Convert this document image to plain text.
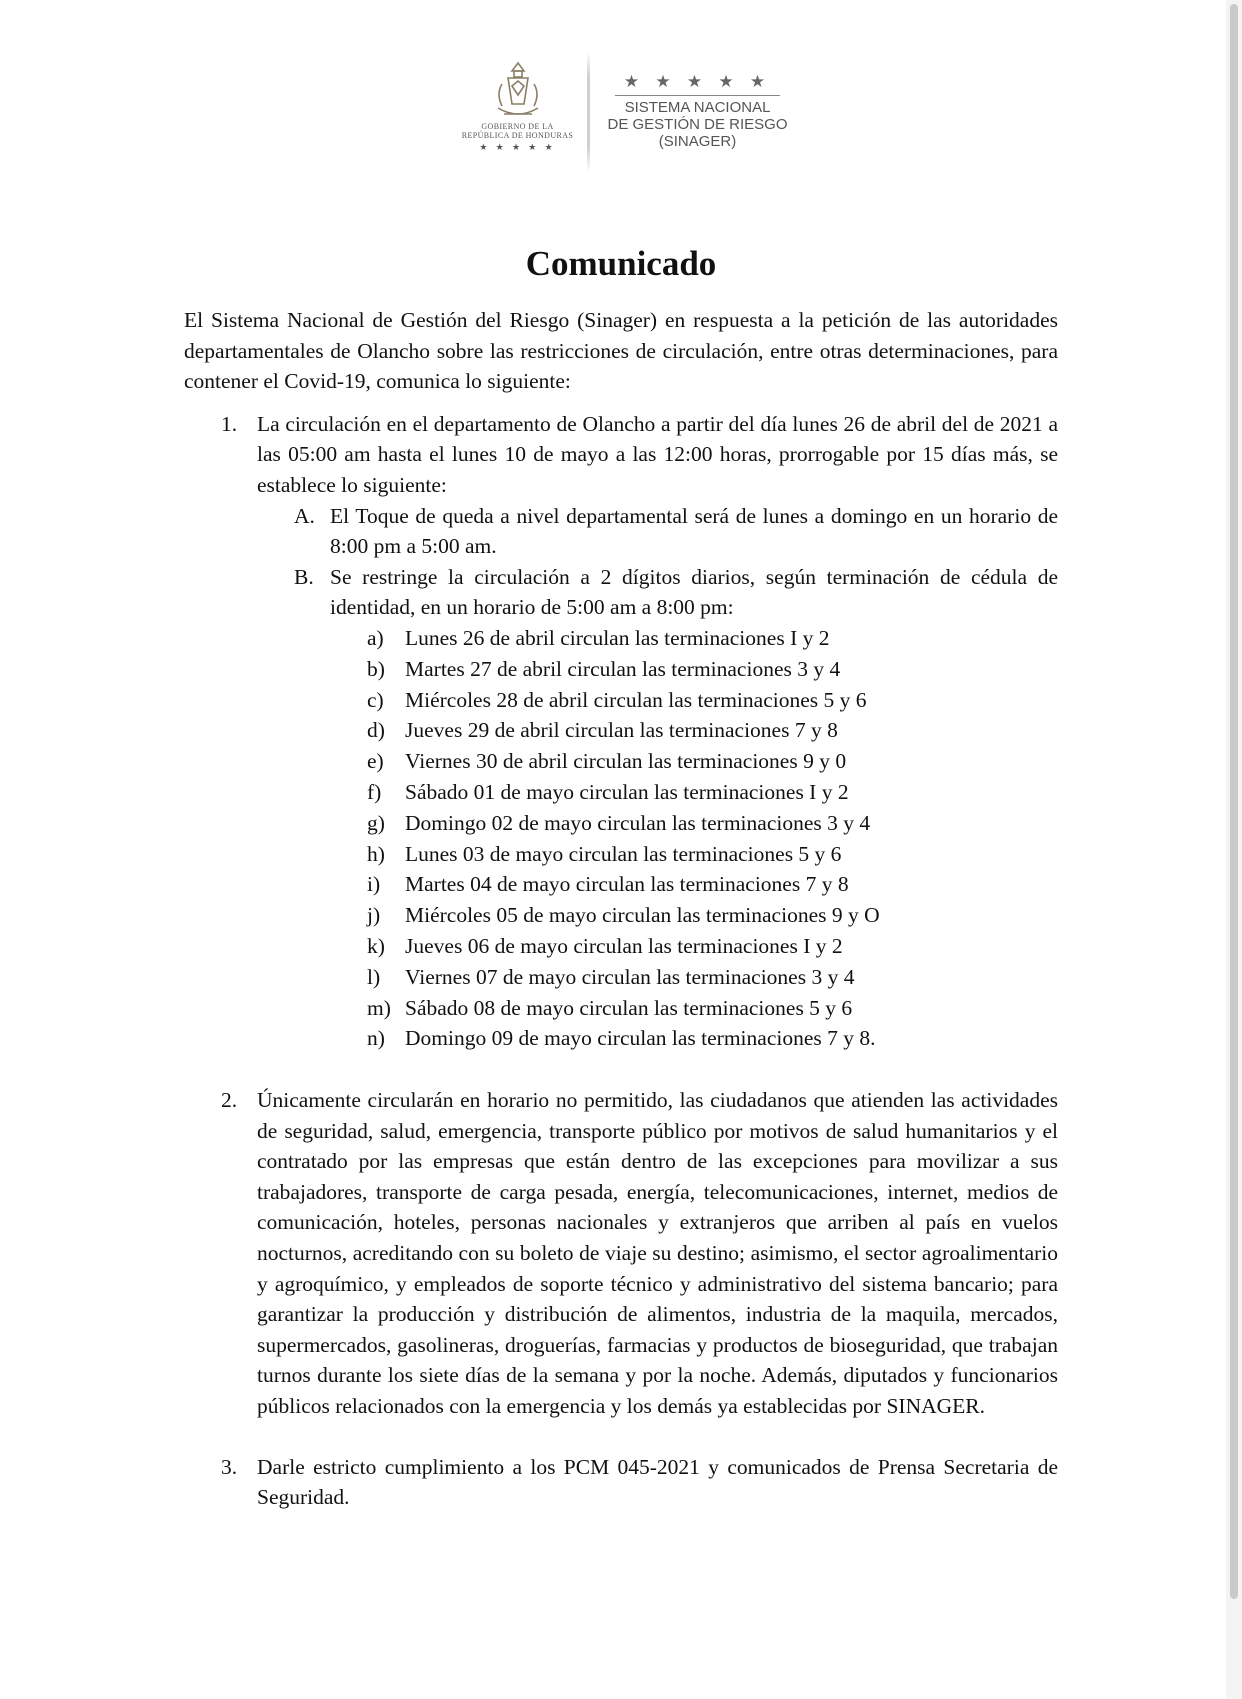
GOBIERNO DE LA
REPÚBLICA DE HONDURAS
★ ★ ★ ★ ★
★ ★ ★ ★ ★
SISTEMA NACIONAL
DE GESTIÓN DE RIESGO
(SINAGER)
Comunicado

El Sistema Nacional de Gestión del Riesgo (Sinager) en respuesta a la petición de las autoridades departamentales de Olancho sobre las restricciones de circulación, entre otras determinaciones, para contener el Covid-19, comunica lo siguiente:

1. La circulación en el departamento de Olancho a partir del día lunes 26 de abril del de 2021 a las 05:00 am hasta el lunes 10 de mayo a las 12:00 horas, prorrogable por 15 días más, se establece lo siguiente:
A. El Toque de queda a nivel departamental será de lunes a domingo en un horario de 8:00 pm a 5:00 am.
B. Se restringe la circulación a 2 dígitos diarios, según terminación de cédula de identidad, en un horario de 5:00 am a 8:00 pm:
a) Lunes 26 de abril circulan las terminaciones I y 2
b) Martes 27 de abril circulan las terminaciones 3 y 4
c) Miércoles 28 de abril circulan las terminaciones 5 y 6
d) Jueves 29 de abril circulan las terminaciones 7 y 8
e) Viernes 30 de abril circulan las terminaciones 9 y 0
f) Sábado 01 de mayo circulan las terminaciones I y 2
g) Domingo 02 de mayo circulan las terminaciones 3 y 4
h) Lunes 03 de mayo circulan las terminaciones 5 y 6
i) Martes 04 de mayo circulan las terminaciones 7 y 8
j) Miércoles 05 de mayo circulan las terminaciones 9 y O
k) Jueves 06 de mayo circulan las terminaciones I y 2
l) Viernes 07 de mayo circulan las terminaciones 3 y 4
m) Sábado 08 de mayo circulan las terminaciones 5 y 6
n) Domingo 09 de mayo circulan las terminaciones 7 y 8.
2. Únicamente circularán en horario no permitido, las ciudadanos que atienden las actividades de seguridad, salud, emergencia, transporte público por motivos de salud humanitarios y el contratado por las empresas que están dentro de las excepciones para movilizar a sus trabajadores, transporte de carga pesada, energía, telecomunicaciones, internet, medios de comunicación, hoteles, personas nacionales y extranjeros que arriben al país en vuelos nocturnos, acreditando con su boleto de viaje su destino; asimismo, el sector agroalimentario y agroquímico, y empleados de soporte técnico y administrativo del sistema bancario; para garantizar la producción y distribución de alimentos, industria de la maquila, mercados, supermercados, gasolineras, droguerías, farmacias y productos de bioseguridad, que trabajan turnos durante los siete días de la semana y por la noche. Además, diputados y funcionarios públicos relacionados con la emergencia y los demás ya establecidas por SINAGER.
3. Darle estricto cumplimiento a los PCM 045-2021 y comunicados de Prensa Secretaria de Seguridad.
